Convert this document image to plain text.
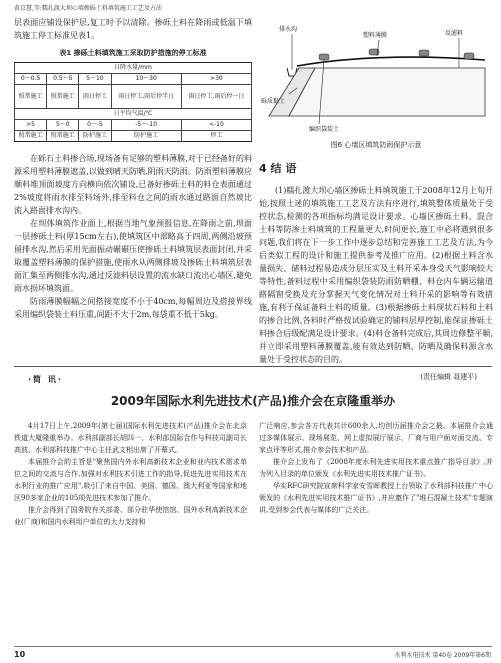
黄京慧,等:糯扎渡大坝心墙掺砾土料填筑施工工艺及方法

层表面应铺设保护层,复工时予以清除。掺砾土料在降雨或低温下填筑施工停工标准见表1。

表1 掺砾土料填筑施工采取防护措施的停工标准
日降水量/mm				
0～0.5	0.5～5	5～10	10～30	>30
照常施工	照常施工	雨日停工	雨日停工,雨后停半日	雨日停工,雨后停一日
日平均气温/℃				
>5	5～0	0～-5	-5～-10	<-10
照常施工	照常施工	防护施工	防护施工	停工

在砾石土料掺合场,现场备有足够的塑料薄膜,对于已经备好的料源采用塑料薄膜遮盖,以做到晴天防晒,阴雨天防雨。防雨塑料薄膜应顺料堆顶面坡度方向横向依次铺设,已备好掺砾土料的料仓表面通过2%坡度将雨水排至料场外,排至料仓之间的雨水通过路面自然坡比流入路面排水沟内。

在坝体填筑作业面上,根据当地气象预报信息,在降雨之前,坝面一层掺砾土料(厚15cm左右),使填筑区中部略高于四周,两侧沿坡预留排水沟,然后采用光面振动碾碾压使掺砾土料填筑层表面封闭,并采取覆盖塑料薄膜的保护措施,使雨水从两侧排坡及掺砾土料填筑层表面汇集至两侧排水沟,通过反滤料层设置的流水缺口流出心墙区,避免雨水损坏填筑面。

防雨薄膜幅幅之间搭接宽度不小于40cm,每幅周边及搭接界线采用编织袋装土料压重,间距不大于2m,每袋重不低于5kg。

排水沟
塑料薄膜	反滤料
砾质黏土
编织袋装土
图6 心墙区填筑防雨保护示意
4 结 语

(1)糯扎渡大坝心墙区掺砾土料填筑施工于2008年12月上旬开始,按照土迷的填筑施工工艺及方法有序进行,填筑整体质量处于受控状态,检测的各项指标均满足设计要求。心墙区掺砾土料、混合土料等防渗土料填筑的工程量更大,时间更长,施工中必将遇到很多问题,我们将在下一步工作中逐步总结和完善施工工艺及方法,为今后类似工程的设计和施工提供参考及推广应用。(2)根据土料含水量损失、储料过程易造成分层压实及土料开采本身受天气影响较大等特性,备料过程中采用编织袋装防雨防晒棚、料仓内车辆运输道路隔窗受换及充分掌握天气变化情况对土料开采的影响等有效措施,有利于保证备料土料的质量。(3)根据掺砾土料现状石料和土料的掺合比例,各料时严格按试验确定的铺料层厚控制,能保证掺砾土料掺合后级配满足设计要求。(4)料仓备料完成后,其周边修整平顺,并立即采用塑料薄膜覆盖,能有效达到防晒、防晒及确保料源含水量处于受控状态的目的。

(责任编辑 聂建平)
·简 讯·
2009年国际水利先进技术(产品)推介会在京隆重举办

4月17日上午,2009年(第七届)国际水利先进技术(产品)推介会在北京铁道大厦隆重举办。水利部副部长胡四一、水利部国际合作与科技司副司长高波、水利部科技推广中心主任武文相出席了开幕式。

本届推介会的主旨是"聚焦国内外水利高新技术企业和业内技术需求单位之间的交流与合作,加强对水利技术引进工作的指导,促进先进实用技术在水利行业的推广应用",吸引了来自中国、美国、德国、澳大利亚等国家和地区90多家企业的105项先进技术参加了推介。

推介会得到了国务院有关部委、部分驻华使馆馆、国外水利高新技术企业(厂商)和国内水利用户单位的大力支持和

广泛响应,参会各方代表共计600余人,均创历届推介会之最。本届推介会通过多媒体展示、现场展览、网上虚拟展厅展示、厂商与用户面对面交流、专家点评等形式,推介参会技术和产品。

推介会上发布了《2008年度水利先进实用技术重点推广指导目录》,并为列入目录的单位颁发《水利先进实用技术推广证书》。

华实RFC研究院宣席科学家安雪晖教授上台领取了水利部科技推广中心颁发的《水利先进实用技术推广证书》,并应邀作了"堆石混凝土技术"专题演讲,受到参会代表与媒体的广泛关注。

10	水利水电技术 第40卷 2009年第6期
